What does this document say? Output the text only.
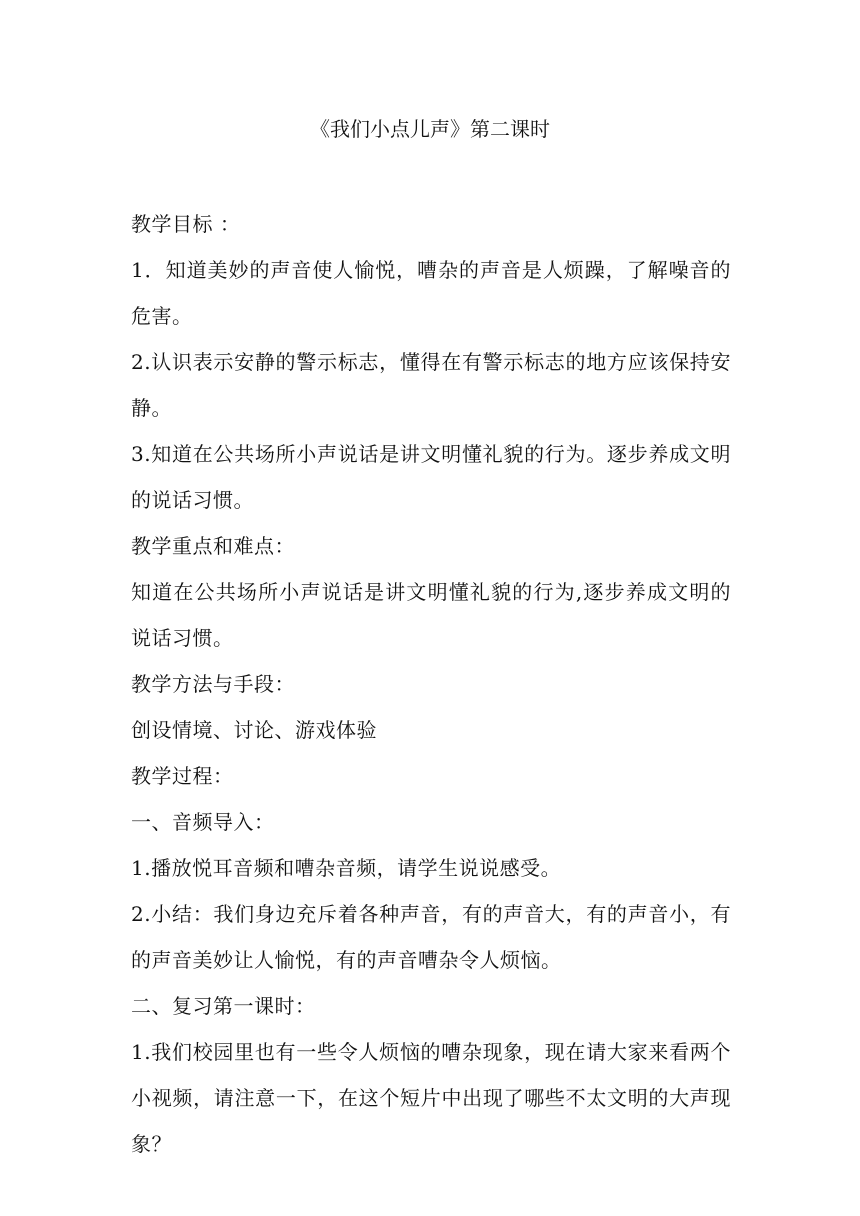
《我们小点儿声》第二课时

教学目标 ：

1．知道美妙的声音使人愉悦，嘈杂的声音是人烦躁，了解噪音的危害。

2.认识表示安静的警示标志，懂得在有警示标志的地方应该保持安静。

3.知道在公共场所小声说话是讲文明懂礼貌的行为。逐步养成文明的说话习惯。

教学重点和难点：

知道在公共场所小声说话是讲文明懂礼貌的行为,逐步养成文明的说话习惯。

教学方法与手段：

创设情境、讨论、游戏体验

教学过程：

一、音频导入：

1.播放悦耳音频和嘈杂音频，请学生说说感受。

2.小结：我们身边充斥着各种声音，有的声音大，有的声音小，有的声音美妙让人愉悦，有的声音嘈杂令人烦恼。

二、复习第一课时：

1.我们校园里也有一些令人烦恼的嘈杂现象，现在请大家来看两个小视频，请注意一下，在这个短片中出现了哪些不太文明的大声现象？
